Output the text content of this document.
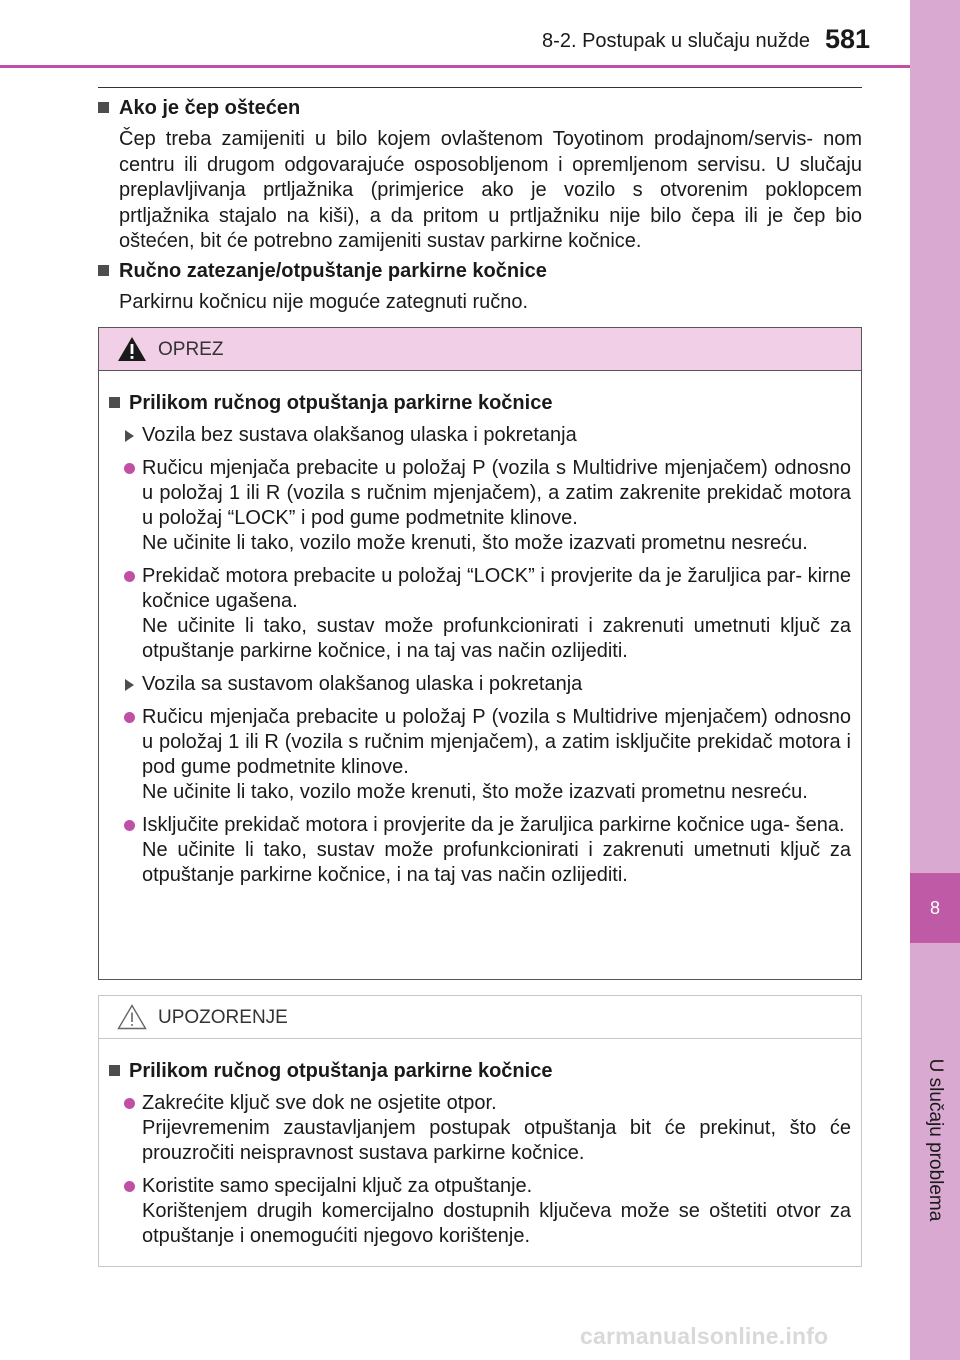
8-2. Postupak u slučaju nužde 581
8
U slučaju problema
Ako je čep oštećen
Čep treba zamijeniti u bilo kojem ovlaštenom Toyotinom prodajnom/servis- nom centru ili drugom odgovarajuće osposobljenom i opremljenom servisu. U slučaju preplavljivanja prtljažnika (primjerice ako je vozilo s otvorenim poklopcem prtljažnika stajalo na kiši), a da pritom u prtljažniku nije bilo čepa ili je čep bio oštećen, bit će potrebno zamijeniti sustav parkirne kočnice.
Ručno zatezanje/otpuštanje parkirne kočnice
Parkirnu kočnicu nije moguće zategnuti ručno.
OPREZ
Prilikom ručnog otpuštanja parkirne kočnice
Vozila bez sustava olakšanog ulaska i pokretanja
Ručicu mjenjača prebacite u položaj P (vozila s Multidrive mjenjačem) odnosno u položaj 1 ili R (vozila s ručnim mjenjačem), a zatim zakrenite prekidač motora u položaj “LOCK” i pod gume podmetnite klinove.
Ne učinite li tako, vozilo može krenuti, što može izazvati prometnu nesreću.
Prekidač motora prebacite u položaj “LOCK” i provjerite da je žaruljica par- kirne kočnice ugašena.
Ne učinite li tako, sustav može profunkcionirati i zakrenuti umetnuti ključ za otpuštanje parkirne kočnice, i na taj vas način ozlijediti.
Vozila sa sustavom olakšanog ulaska i pokretanja
Ručicu mjenjača prebacite u položaj P (vozila s Multidrive mjenjačem) odnosno u položaj 1 ili R (vozila s ručnim mjenjačem), a zatim isključite prekidač motora i pod gume podmetnite klinove.
Ne učinite li tako, vozilo može krenuti, što može izazvati prometnu nesreću.
Isključite prekidač motora i provjerite da je žaruljica parkirne kočnice uga- šena.
Ne učinite li tako, sustav može profunkcionirati i zakrenuti umetnuti ključ za otpuštanje parkirne kočnice, i na taj vas način ozlijediti.
UPOZORENJE
Prilikom ručnog otpuštanja parkirne kočnice
Zakrećite ključ sve dok ne osjetite otpor.
Prijevremenim zaustavljanjem postupak otpuštanja bit će prekinut, što će prouzročiti neispravnost sustava parkirne kočnice.
Koristite samo specijalni ključ za otpuštanje.
Korištenjem drugih komercijalno dostupnih ključeva može se oštetiti otvor za otpuštanje i onemogućiti njegovo korištenje.
carmanualsonline.info
